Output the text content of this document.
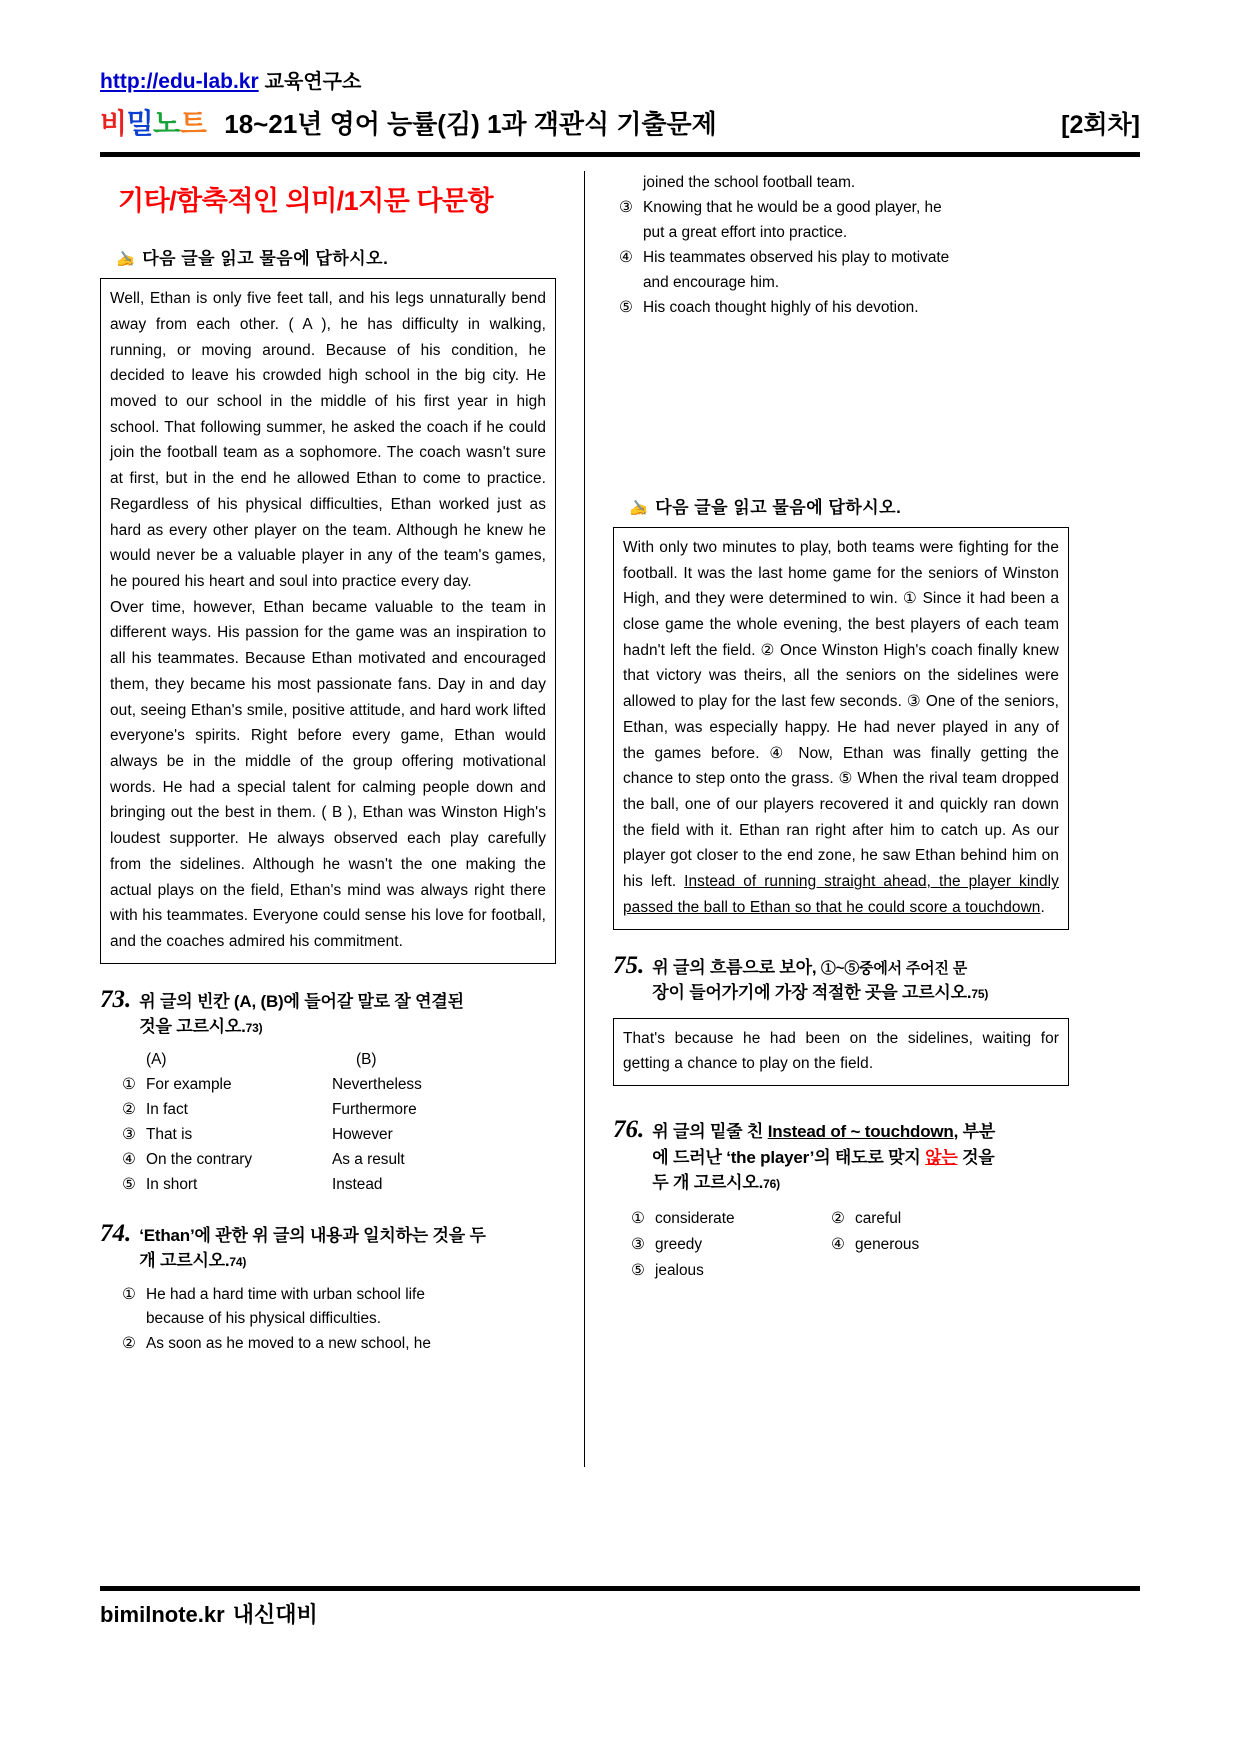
http://edu-lab.kr 교육연구소
비밀노트 18~21년 영어 능률(김) 1과 객관식 기출문제	[2회차]
기타/함축적인 의미/1지문 다문항
✍ 다음 글을 읽고 물음에 답하시오.

Well, Ethan is only five feet tall, and his legs unnaturally bend away from each other. ( A ), he has difficulty in walking, running, or moving around. Because of his condition, he decided to leave his crowded high school in the big city. He moved to our school in the middle of his first year in high school. That following summer, he asked the coach if he could join the football team as a sophomore. The coach wasn't sure at first, but in the end he allowed Ethan to come to practice. Regardless of his physical difficulties, Ethan worked just as hard as every other player on the team. Although he knew he would never be a valuable player in any of the team's games, he poured his heart and soul into practice every day.

Over time, however, Ethan became valuable to the team in different ways. His passion for the game was an inspiration to all his teammates. Because Ethan motivated and encouraged them, they became his most passionate fans. Day in and day out, seeing Ethan's smile, positive attitude, and hard work lifted everyone's spirits. Right before every game, Ethan would always be in the middle of the group offering motivational words. He had a special talent for calming people down and bringing out the best in them. ( B ), Ethan was Winston High's loudest supporter. He always observed each play carefully from the sidelines. Although he wasn't the one making the actual plays on the field, Ethan's mind was always right there with his teammates. Everyone could sense his love for football, and the coaches admired his commitment.

73. 위 글의 빈칸 (A, (B)에 들어갈 말로 잘 연결된
것을 고르시오.73)
(A)	(B)
① For example	Nevertheless
② In fact	Furthermore
③ That is	However
④ On the contrary	As a result
⑤ In short	Instead
74. ‘Ethan’에 관한 위 글의 내용과 일치하는 것을 두
개 고르시오.74)
① He had a hard time with urban school life
because of his physical difficulties.
② As soon as he moved to a new school, he
joined the school football team.
③ Knowing that he would be a good player, he
put a great effort into practice.
④ His teammates observed his play to motivate
and encourage him.
⑤ His coach thought highly of his devotion.
✍ 다음 글을 읽고 물음에 답하시오.

With only two minutes to play, both teams were fighting for the football. It was the last home game for the seniors of Winston High, and they were determined to win. ① Since it had been a close game the whole evening, the best players of each team hadn't left the field. ② Once Winston High's coach finally knew that victory was theirs, all the seniors on the sidelines were allowed to play for the last few seconds. ③ One of the seniors, Ethan, was especially happy. He had never played in any of the games before. ④ Now, Ethan was finally getting the chance to step onto the grass. ⑤ When the rival team dropped the ball, one of our players recovered it and quickly ran down the field with it. Ethan ran right after him to catch up. As our player got closer to the end zone, he saw Ethan behind him on his left. Instead of running straight ahead, the player kindly passed the ball to Ethan so that he could score a touchdown.

75. 위 글의 흐름으로 보아, ①~⑤중에서 주어진 문
장이 들어가기에 가장 적절한 곳을 고르시오.75)

That's because he had been on the sidelines, waiting for getting a chance to play on the field.

76. 위 글의 밑줄 친 Instead of ~ touchdown, 부분
에 드러난 ‘the player’의 태도로 맞지 않는 것을
두 개 고르시오.76)
① considerate	② careful
③ greedy	④ generous
⑤ jealous
bimilnote.kr 내신대비
